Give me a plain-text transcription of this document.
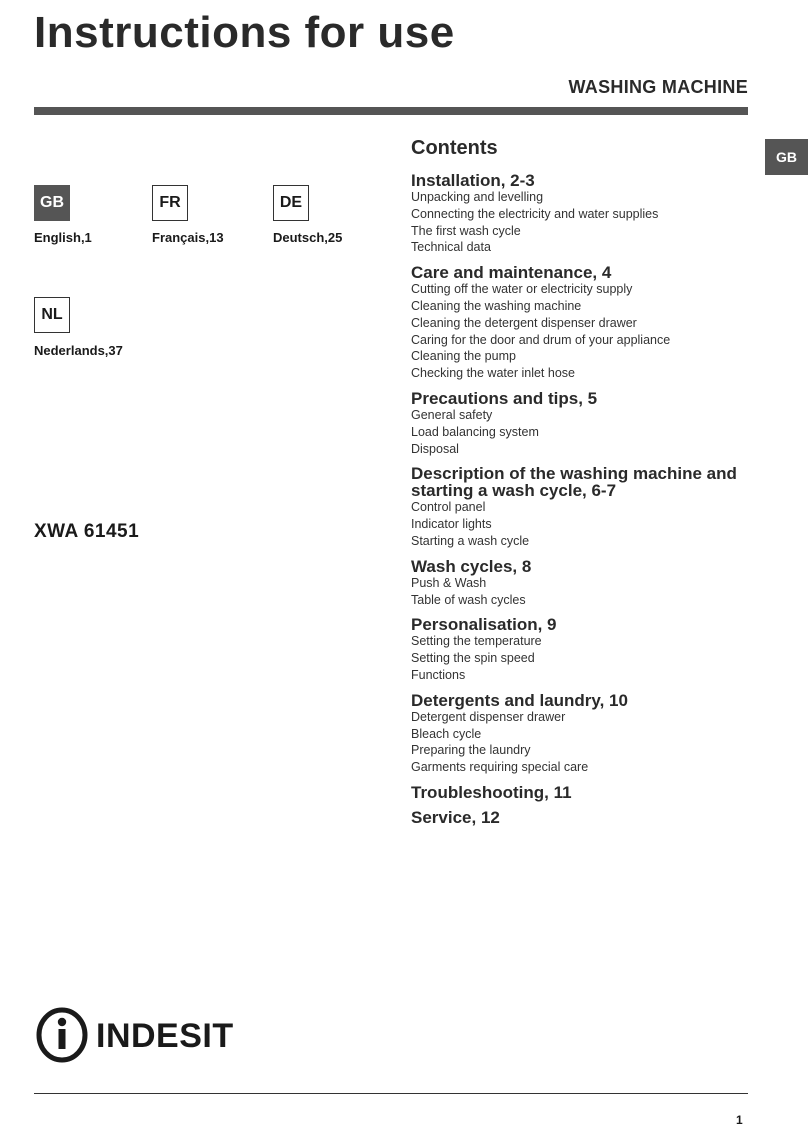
Instructions for use
WASHING MACHINE
GB
GB
English,1
FR
Français,13
DE
Deutsch,25
NL
Nederlands,37
XWA 61451
Contents
Installation, 2-3
Unpacking and levelling
Connecting the electricity and water supplies
The first wash cycle
Technical data
Care and maintenance, 4
Cutting off the water or electricity supply
Cleaning the washing machine
Cleaning the detergent dispenser drawer
Caring for the door and drum of your appliance
Cleaning the pump
Checking the water inlet hose
Precautions and tips, 5
General safety
Load balancing system
Disposal
Description of the washing machine and starting a wash cycle, 6-7
Control panel
Indicator lights
Starting a wash cycle
Wash cycles, 8
Push & Wash
Table of wash cycles
Personalisation, 9
Setting the temperature
Setting the spin speed
Functions
Detergents and laundry, 10
Detergent dispenser drawer
Bleach cycle
Preparing the laundry
Garments requiring special care
Troubleshooting, 11
Service, 12
INDESIT
1
